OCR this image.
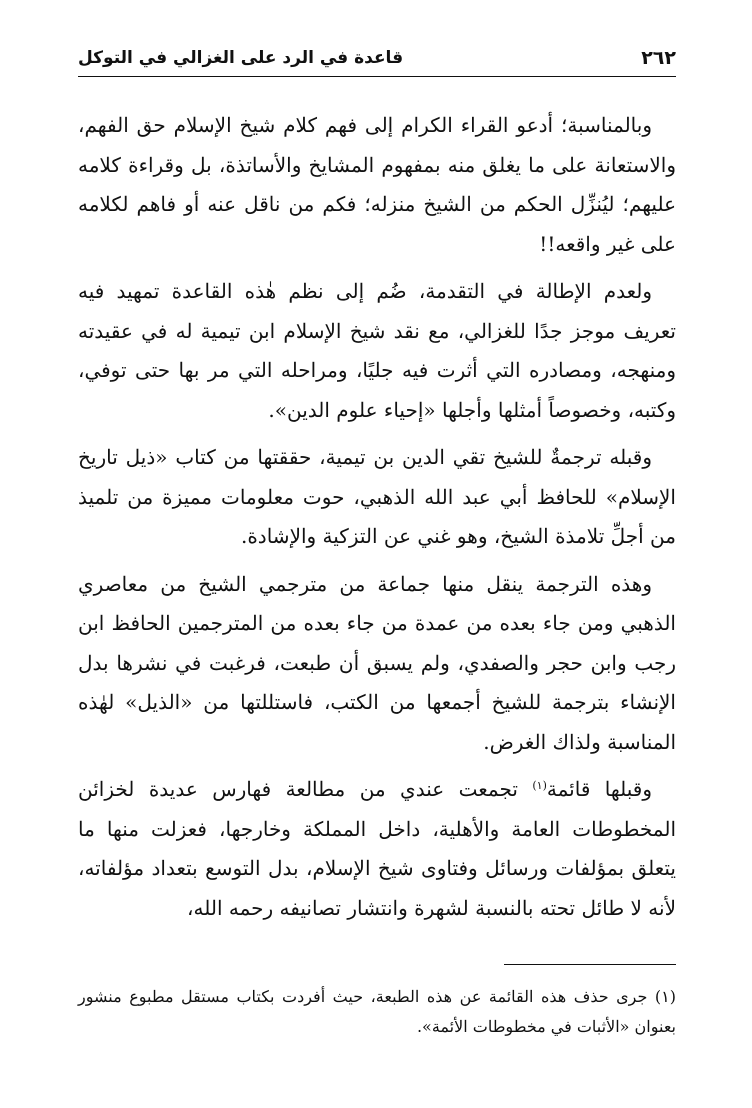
٢٦٢
قاعدة في الرد على الغزالي في التوكل

وبالمناسبة؛ أدعو القراء الكرام إلى فهم كلام شيخ الإسلام حق الفهم، والاستعانة على ما يغلق منه بمفهوم المشايخ والأساتذة، بل وقراءة كلامه عليهم؛ ليُنزِّل الحكم من الشيخ منزله؛ فكم من ناقل عنه أو فاهم لكلامه على غير واقعه!!

ولعدم الإطالة في التقدمة، ضُم إلى نظم هٰذه القاعدة تمهيد فيه تعريف موجز جدًا للغزالي، مع نقد شيخ الإسلام ابن تيمية له في عقيدته ومنهجه، ومصادره التي أثرت فيه جليًا، ومراحله التي مر بها حتى توفي، وكتبه، وخصوصاً أمثلها وأجلها «إحياء علوم الدين».

وقبله ترجمةٌ للشيخ تقي الدين بن تيمية، حققتها من كتاب «ذيل تاريخ الإسلام» للحافظ أبي عبد الله الذهبي، حوت معلومات مميزة من تلميذ من أجلِّ تلامذة الشيخ، وهو غني عن التزكية والإشادة.

وهذه الترجمة ينقل منها جماعة من مترجمي الشيخ من معاصري الذهبي ومن جاء بعده من عمدة من جاء بعده من المترجمين الحافظ ابن رجب وابن حجر والصفدي، ولم يسبق أن طبعت، فرغبت في نشرها بدل الإنشاء بترجمة للشيخ أجمعها من الكتب، فاستللتها من «الذيل» لهٰذه المناسبة ولذاك الغرض.

وقبلها قائمة$^{(١)}$ تجمعت عندي من مطالعة فهارس عديدة لخزائن المخطوطات العامة والأهلية، داخل المملكة وخارجها، فعزلت منها ما يتعلق بمؤلفات ورسائل وفتاوى شيخ الإسلام، بدل التوسع بتعداد مؤلفاته، لأنه لا طائل تحته بالنسبة لشهرة وانتشار تصانيفه رحمه الله،

(١) جرى حذف هذه القائمة عن هذه الطبعة، حيث أفردت بكتاب مستقل مطبوع منشور بعنوان «الأثبات في مخطوطات الأئمة».
